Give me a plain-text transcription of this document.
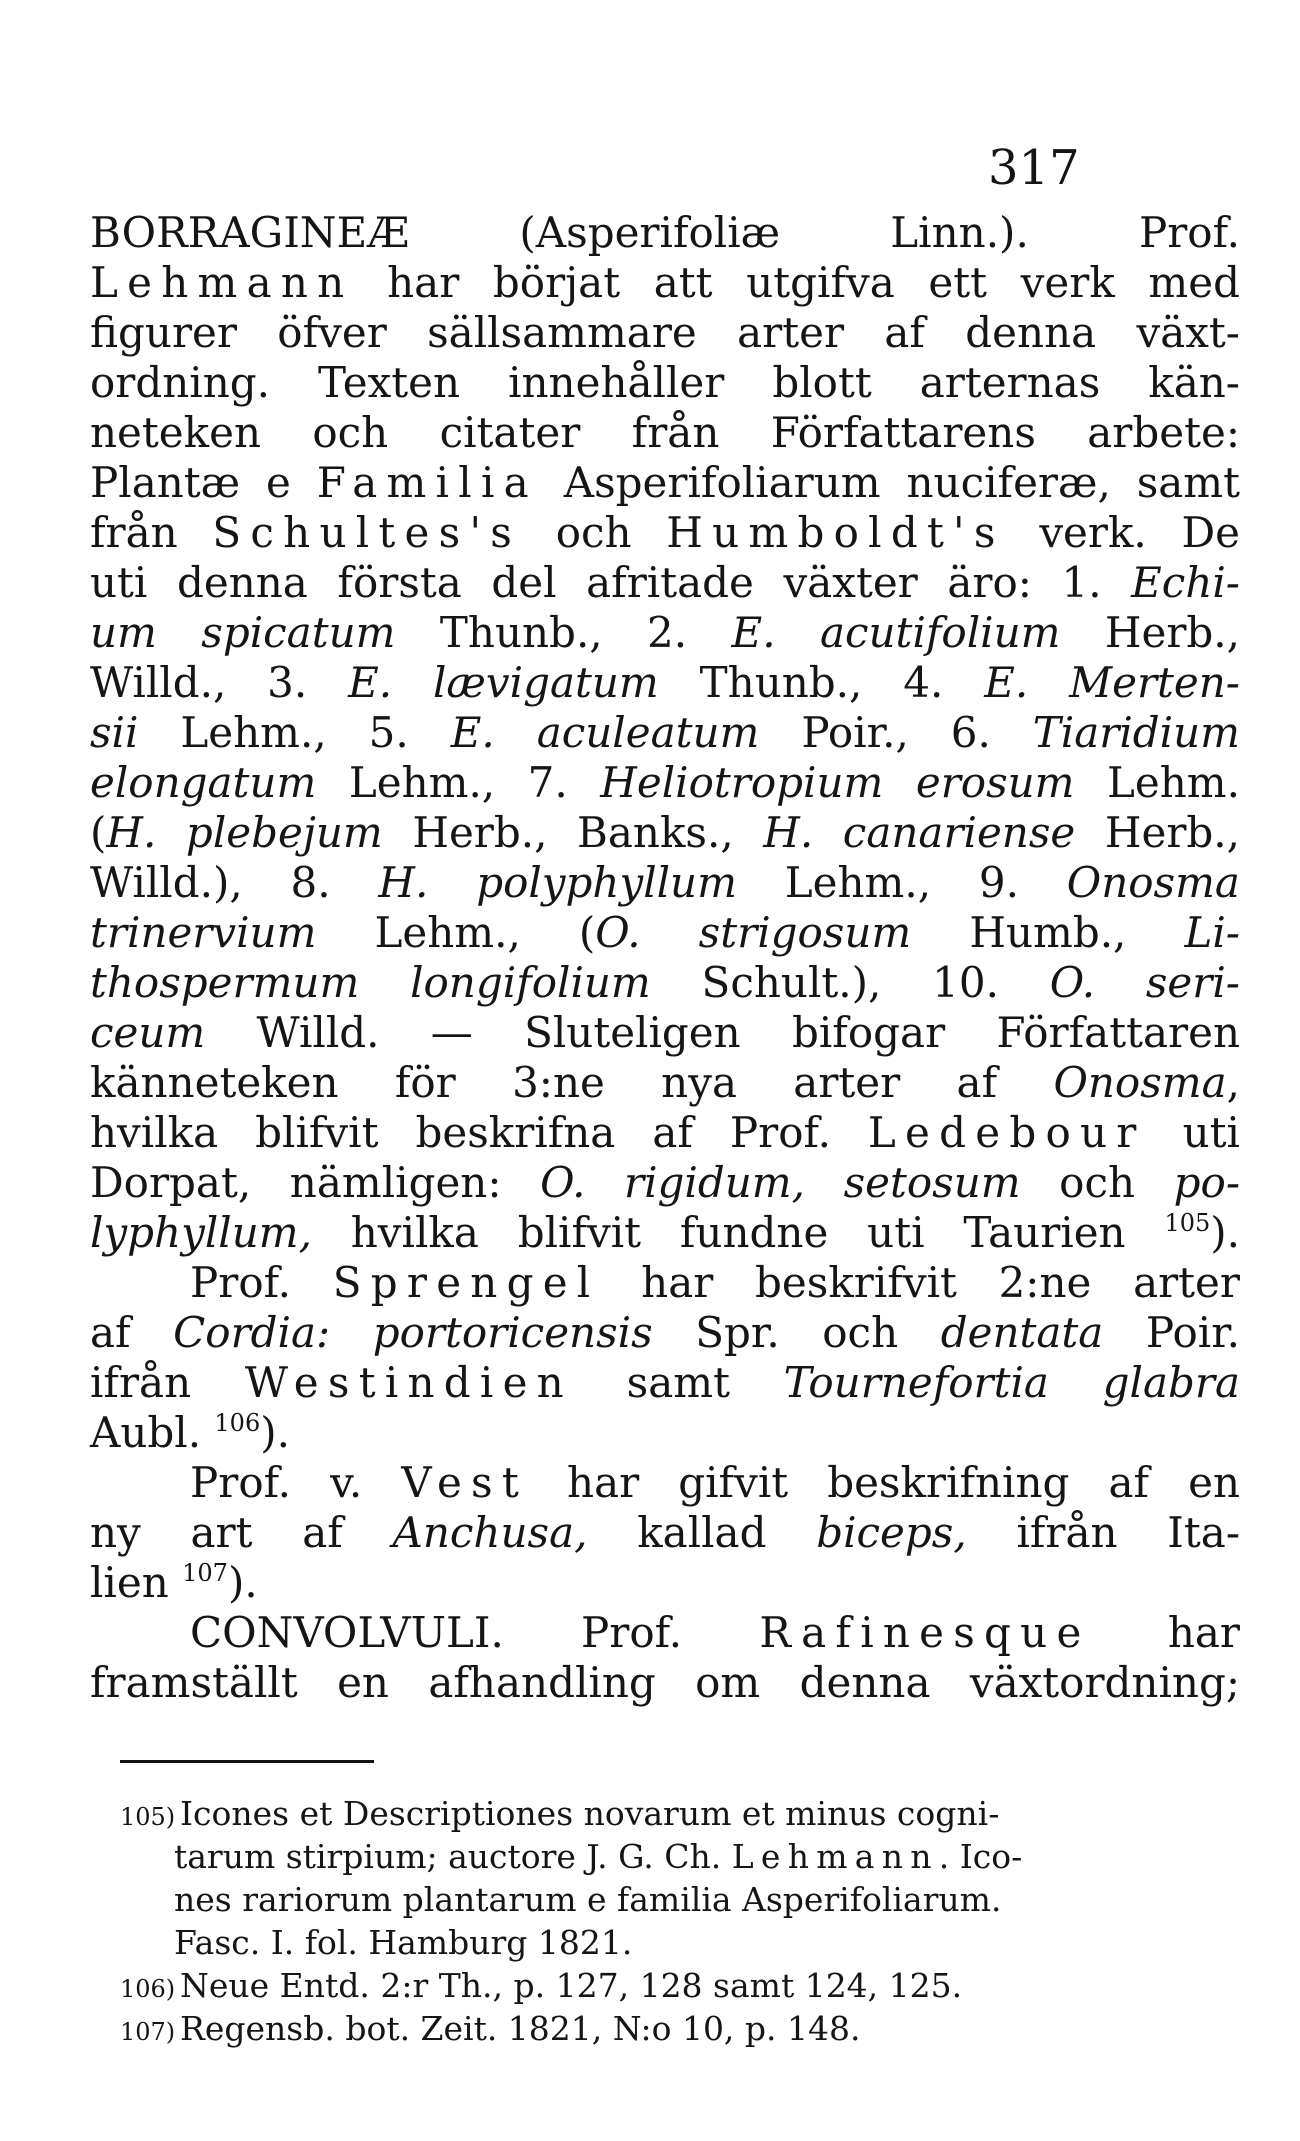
317
BORRAGINEÆ (Asperifoliæ Linn.). Prof.
Lehmann har börjat att utgifva ett verk med
figurer öfver sällsammare arter af denna växt-
ordning. Texten innehåller blott arternas kän-
neteken och citater från Författarens arbete:
Plantæ e Familia Asperifoliarum nuciferæ, samt
från Schultes's och Humboldt's verk. De
uti denna första del afritade växter äro: 1. Echi-
um spicatum Thunb., 2. E. acutifolium Herb.,
Willd., 3. E. lævigatum Thunb., 4. E. Merten-
sii Lehm., 5. E. aculeatum Poir., 6. Tiaridium
elongatum Lehm., 7. Heliotropium erosum Lehm.
(H. plebejum Herb., Banks., H. canariense Herb.,
Willd.), 8. H. polyphyllum Lehm., 9. Onosma
trinervium Lehm., (O. strigosum Humb., Li-
thospermum longifolium Schult.), 10. O. seri-
ceum Willd. — Sluteligen bifogar Författaren
känneteken för 3:ne nya arter af Onosma,
hvilka blifvit beskrifna af Prof. Ledebour uti
Dorpat, nämligen: O. rigidum, setosum och po-
lyphyllum, hvilka blifvit fundne uti Taurien $^{105}$).
Prof. Sprengel har beskrifvit 2:ne arter
af Cordia: portoricensis Spr. och dentata Poir.
ifrån Westindien samt Tournefortia glabra
Aubl. $^{106}$).
Prof. v. Vest har gifvit beskrifning af en
ny art af Anchusa, kallad biceps, ifrån Ita-
lien $^{107}$).
CONVOLVULI. Prof. Rafinesque har
framställt en afhandling om denna växtordning;
105) Icones et Descriptiones novarum et minus cogni-
tarum stirpium; auctore J. G. Ch. Lehmann. Ico-
nes rariorum plantarum e familia Asperifoliarum.
Fasc. I. fol. Hamburg 1821.
106) Neue Entd. 2:r Th., p. 127, 128 samt 124, 125.
107) Regensb. bot. Zeit. 1821, N:o 10, p. 148.
